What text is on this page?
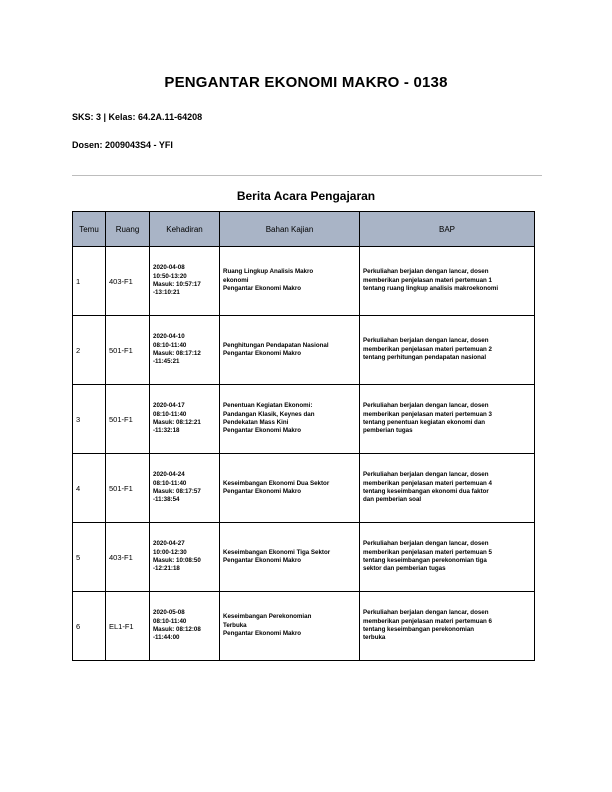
PENGANTAR EKONOMI MAKRO - 0138
SKS: 3 | Kelas: 64.2A.11-64208
Dosen: 2009043S4 - YFI
Berita Acara Pengajaran
Temu	Ruang	Kehadiran	Bahan Kajian	BAP
1	403-F1	2020-04-08
10:50-13:20
Masuk: 10:57:17
-13:10:21	Ruang Lingkup Analisis Makro
ekonomi
Pengantar Ekonomi Makro	Perkuliahan berjalan dengan lancar, dosen
memberikan penjelasan materi pertemuan 1
tentang ruang lingkup analisis makroekonomi

2	501-F1	2020-04-10
08:10-11:40
Masuk: 08:17:12
-11:45:21	Penghitungan Pendapatan Nasional
Pengantar Ekonomi Makro	Perkuliahan berjalan dengan lancar, dosen
memberikan penjelasan materi pertemuan 2
tentang perhitungan pendapatan nasional

3	501-F1	2020-04-17
08:10-11:40
Masuk: 08:12:21
-11:32:18	Penentuan Kegiatan Ekonomi:
Pandangan Klasik, Keynes dan
Pendekatan Mass Kini
Pengantar Ekonomi Makro	Perkuliahan berjalan dengan lancar, dosen
memberikan penjelasan materi pertemuan 3
tentang penentuan kegiatan ekonomi dan
pemberian tugas

4	501-F1	2020-04-24
08:10-11:40
Masuk: 08:17:57
-11:38:54	Keseimbangan Ekonomi Dua Sektor
Pengantar Ekonomi Makro	Perkuliahan berjalan dengan lancar, dosen
memberikan penjelasan materi pertemuan 4
tentang keseimbangan ekonomi dua faktor
dan pemberian soal

5	403-F1	2020-04-27
10:00-12:30
Masuk: 10:08:50
-12:21:18	Keseimbangan Ekonomi Tiga Sektor
Pengantar Ekonomi Makro	Perkuliahan berjalan dengan lancar, dosen
memberikan penjelasan materi pertemuan 5
tentang keseimbangan perekonomian tiga
sektor dan pemberian tugas

6	EL1-F1	2020-05-08
08:10-11:40
Masuk: 08:12:08
-11:44:00	Keseimbangan Perekonomian
Terbuka
Pengantar Ekonomi Makro	Perkuliahan berjalan dengan lancar, dosen
memberikan penjelasan materi pertemuan 6
tentang keseimbangan perekonomian
terbuka
